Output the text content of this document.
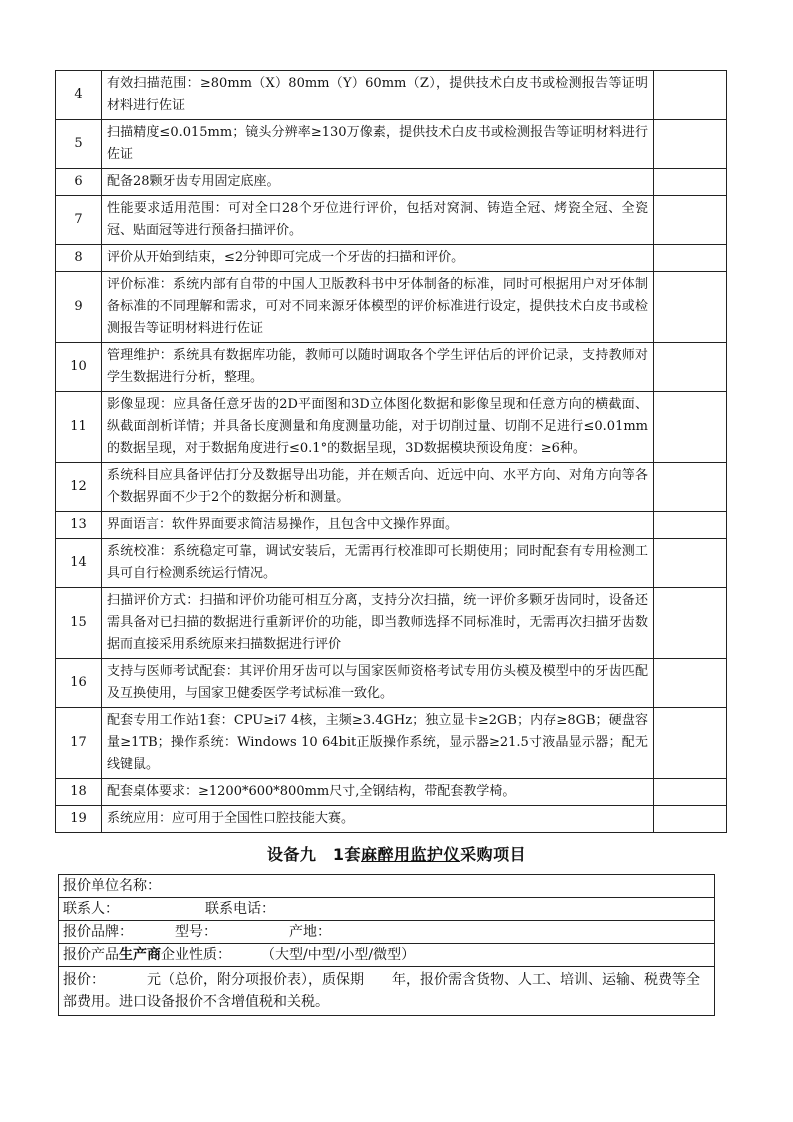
4	有效扫描范围：≥80mm（X）80mm（Y）60mm（Z），提供技术白皮书或检测报告等证明材料进行佐证	
5	扫描精度≤0.015mm；镜头分辨率≥130万像素，提供技术白皮书或检测报告等证明材料进行佐证	
6	配备28颗牙齿专用固定底座。	
7	性能要求适用范围：可对全口28个牙位进行评价，包括对窝洞、铸造全冠、烤瓷全冠、全瓷冠、贴面冠等进行预备扫描评价。	
8	评价从开始到结束，≤2分钟即可完成一个牙齿的扫描和评价。	
9	评价标准：系统内部有自带的中国人卫版教科书中牙体制备的标准，同时可根据用户对牙体制备标准的不同理解和需求，可对不同来源牙体模型的评价标准进行设定，提供技术白皮书或检测报告等证明材料进行佐证	
10	管理维护：系统具有数据库功能，教师可以随时调取各个学生评估后的评价记录，支持教师对学生数据进行分析，整理。	
11	影像显现：应具备任意牙齿的2D平面图和3D立体图化数据和影像呈现和任意方向的横截面、纵截面剖析详情；并具备长度测量和角度测量功能，对于切削过量、切削不足进行≤0.01mm的数据呈现，对于数据角度进行≤0.1°的数据呈现，3D数据模块预设角度：≥6种。	
12	系统科目应具备评估打分及数据导出功能，并在颊舌向、近远中向、水平方向、对角方向等各个数据界面不少于2个的数据分析和测量。	
13	界面语言：软件界面要求简洁易操作，且包含中文操作界面。	
14	系统校准：系统稳定可靠，调试安装后，无需再行校准即可长期使用；同时配套有专用检测工具可自行检测系统运行情况。	
15	扫描评价方式：扫描和评价功能可相互分离，支持分次扫描，统一评价多颗牙齿同时，设备还需具备对已扫描的数据进行重新评价的功能，即当教师选择不同标准时，无需再次扫描牙齿数据而直接采用系统原来扫描数据进行评价	
16	支持与医师考试配套：其评价用牙齿可以与国家医师资格考试专用仿头模及模型中的牙齿匹配及互换使用，与国家卫健委医学考试标准一致化。	
17	配套专用工作站1套：CPU≥i7 4核，主频≥3.4GHz；独立显卡≥2GB；内存≥8GB；硬盘容量≥1TB；操作系统：Windows 10 64bit正版操作系统，显示器≥21.5寸液晶显示器；配无线键鼠。	
18	配套桌体要求：≥1200*600*800mm尺寸,全钢结构，带配套教学椅。	
19	系统应用：应可用于全国性口腔技能大赛。	
设备九　1套麻醉用监护仪采购项目
报价单位名称：
联系人：	联系电话：
报价品牌：	型号：	产地：
报价产品生产商企业性质： （大型/中型/小型/微型）
报价：	元（总价，附分项报价表），质保期　　年，报价需含货物、人工、培训、运输、税费等全部费用。进口设备报价不含增值税和关税。
